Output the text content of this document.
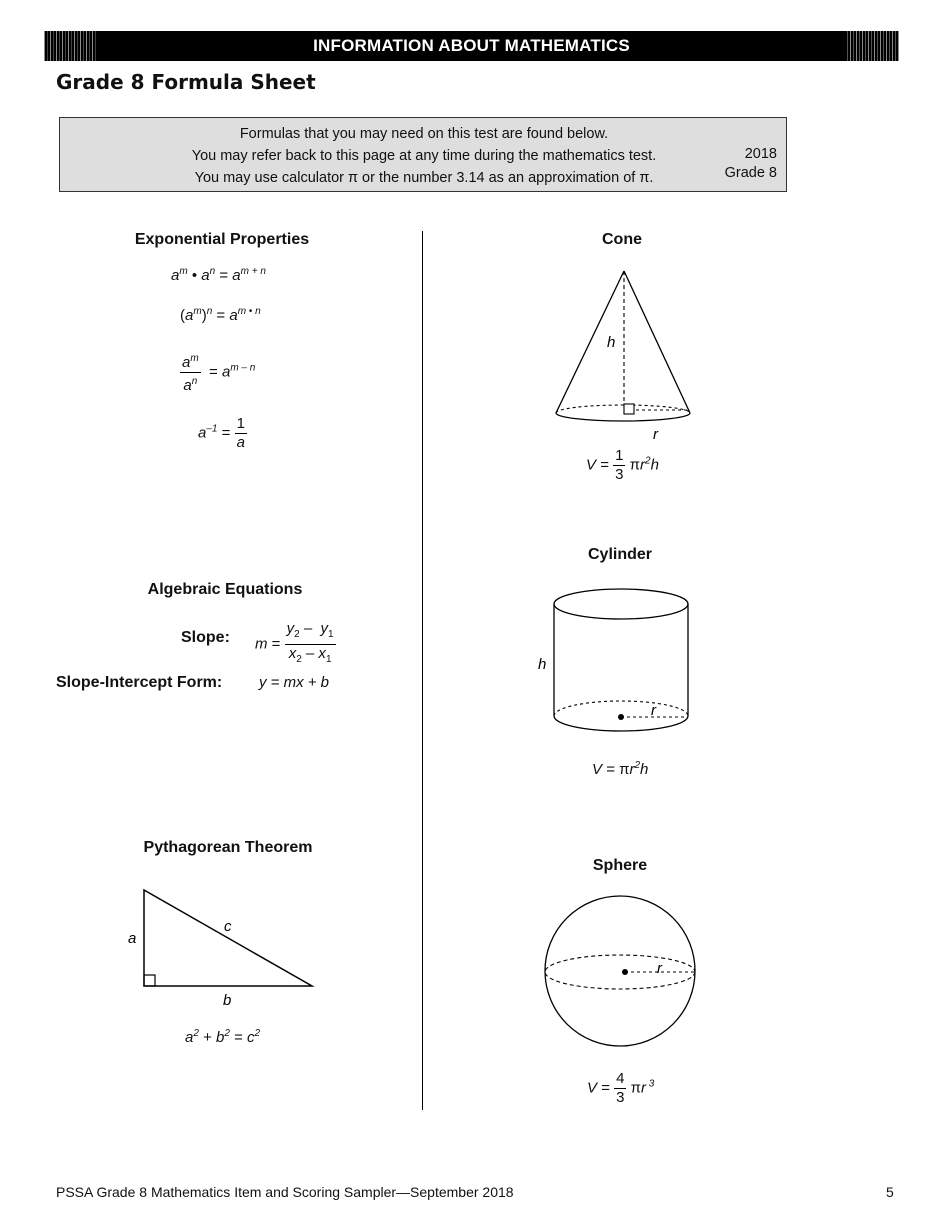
INFORMATION ABOUT MATHEMATICS
Grade 8 Formula Sheet
Formulas that you may need on this test are found below.
You may refer back to this page at any time during the mathematics test.
You may use calculator π or the number 3.14 as an approximation of π.
2018
Grade 8
Exponential Properties
$a^m$ • $a^n = a^{m + n}$
$(a^m)^n = a^{m • n}$
$\frac{a^m}{a^n} = a^{m - n}$
$a^{-1} = \frac{1}{a}$
Algebraic Equations
Slope: $m = \frac{y_2 - y_1}{x_2 - x_1}$
Slope-Intercept Form: y = mx + b
Pythagorean Theorem
a
c
b
$a^2 + b^2 = c^2$
Cone
h
r
$V = \frac{1}{3} \pi r^2h$
Cylinder
h
r
$V = \pi r^2h$
Sphere
r
$V = \frac{4}{3}$ πr $^3$
PSSA Grade 8 Mathematics Item and Scoring Sampler—September 2018	5
